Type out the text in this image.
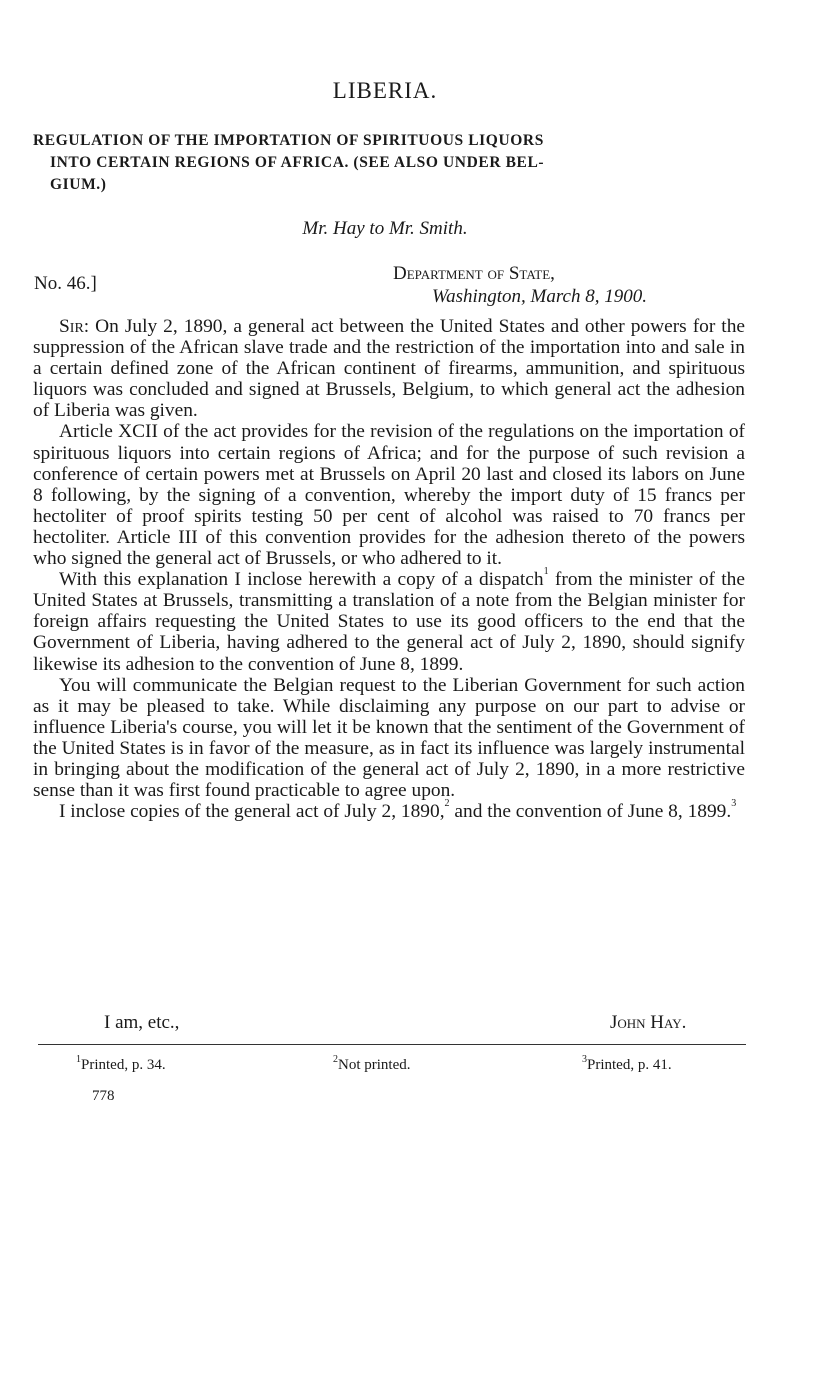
LIBERIA.
REGULATION OF THE IMPORTATION OF SPIRITUOUS LIQUORS
INTO CERTAIN REGIONS OF AFRICA. (SEE ALSO UNDER BEL-
GIUM.)
Mr. Hay to Mr. Smith.
No. 46.]	Department of State,
Washington, March 8, 1900.

Sir: On July 2, 1890, a general act between the United States and other powers for the suppression of the African slave trade and the restriction of the importation into and sale in a certain defined zone of the African continent of firearms, ammunition, and spirituous liquors was concluded and signed at Brussels, Belgium, to which general act the adhesion of Liberia was given.

Article XCII of the act provides for the revision of the regulations on the importation of spirituous liquors into certain regions of Africa; and for the purpose of such revision a conference of certain powers met at Brussels on April 20 last and closed its labors on June 8 following, by the signing of a convention, whereby the import duty of 15 francs per hectoliter of proof spirits testing 50 per cent of alcohol was raised to 70 francs per hectoliter. Article III of this convention provides for the adhesion thereto of the powers who signed the general act of Brussels, or who adhered to it.

With this explanation I inclose herewith a copy of a dispatch$^1$ from the minister of the United States at Brussels, transmitting a translation of a note from the Belgian minister for foreign affairs requesting the United States to use its good officers to the end that the Government of Liberia, having adhered to the general act of July 2, 1890, should signify likewise its adhesion to the convention of June 8, 1899.

You will communicate the Belgian request to the Liberian Government for such action as it may be pleased to take. While disclaiming any purpose on our part to advise or influence Liberia's course, you will let it be known that the sentiment of the Government of the United States is in favor of the measure, as in fact its influence was largely instrumental in bringing about the modification of the general act of July 2, 1890, in a more restrictive sense than it was first found practicable to agree upon.

I inclose copies of the general act of July 2, 1890,$^2$ and the convention of June 8, 1899.$^3$

I am, etc.,	John Hay.
$^1$Printed, p. 34.	$^2$Not printed.	$^3$Printed, p. 41.
778
